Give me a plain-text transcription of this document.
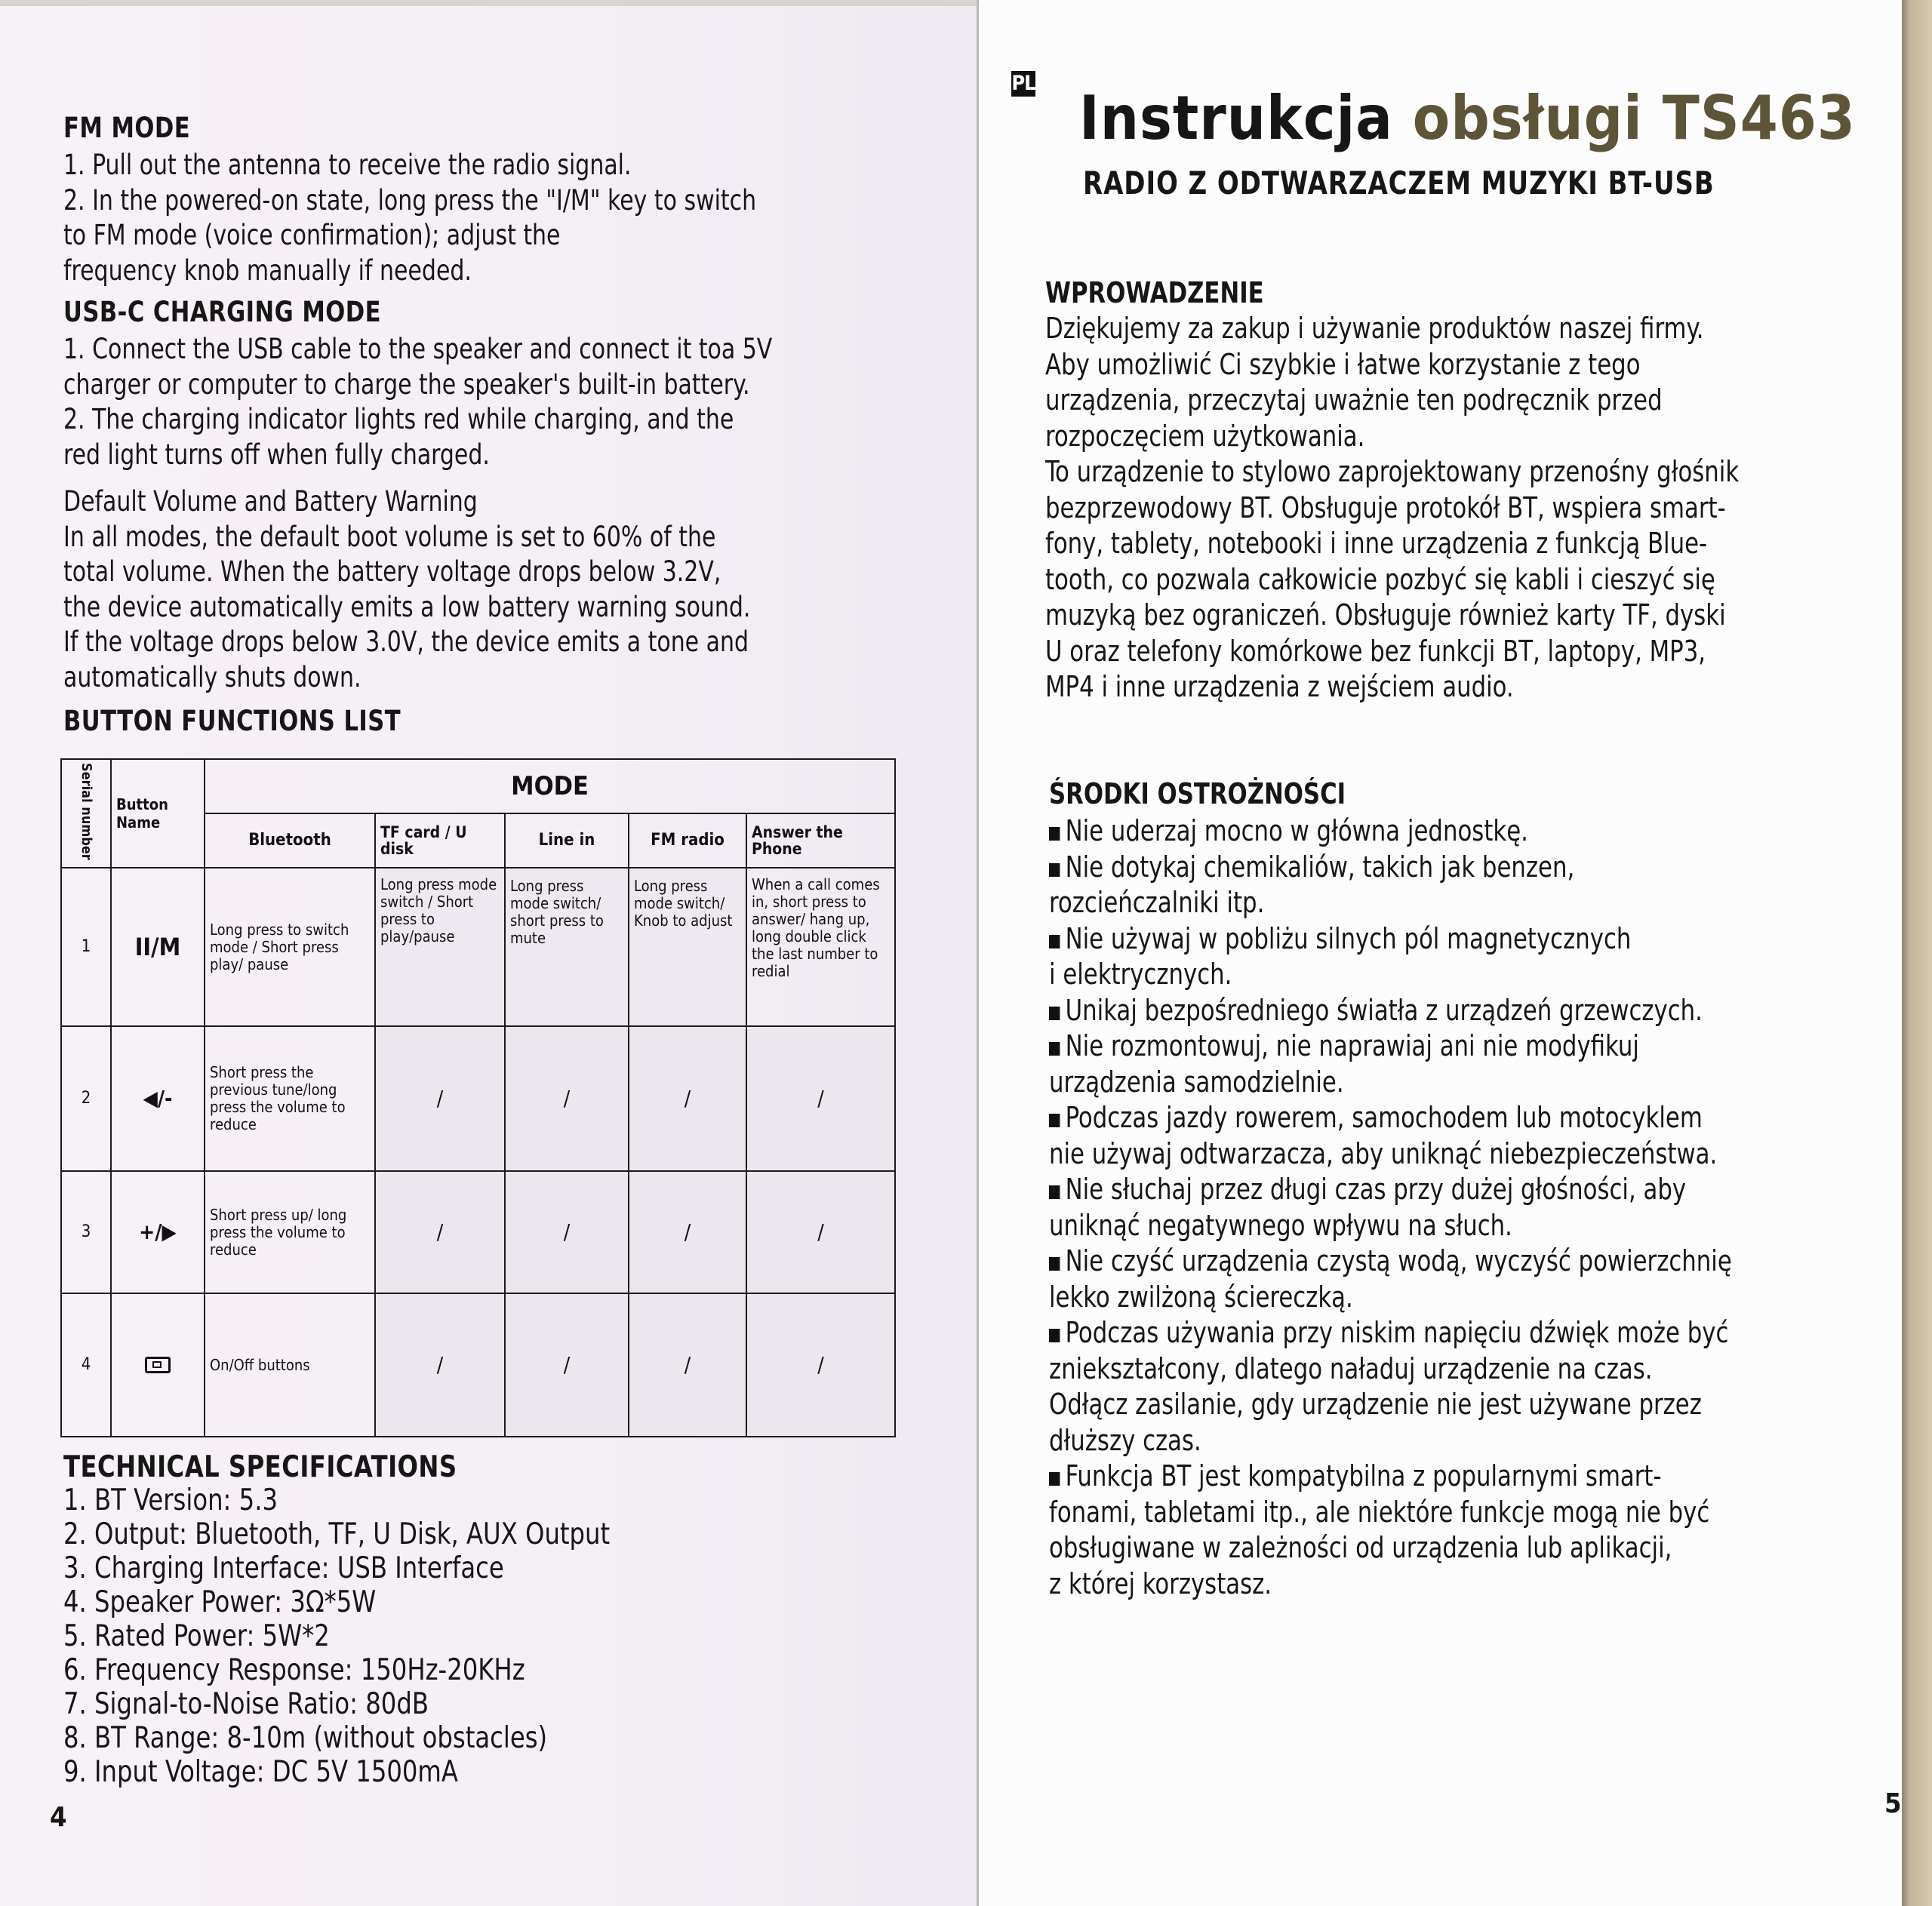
FM MODE
1. Pull out the antenna to receive the radio signal.
2. In the powered-on state, long press the "I/M" key to switch
to FM mode (voice confirmation); adjust the
frequency knob manually if needed.
USB-C CHARGING MODE
1. Connect the USB cable to the speaker and connect it toa 5V
charger or computer to charge the speaker's built-in battery.
2. The charging indicator lights red while charging, and the
red light turns off when fully charged.
Default Volume and Battery Warning
In all modes, the default boot volume is set to 60% of the
total volume. When the battery voltage drops below 3.2V,
the device automatically emits a low battery warning sound.
If the voltage drops below 3.0V, the device emits a tone and
automatically shuts down.
BUTTON FUNCTIONS LIST
Serial number	Button Name	MODE				
		Bluetooth	TF card / U disk	Line in	FM radio	Answer the Phone
1	II/M	Long press to switch mode / Short press play/ pause	Long press mode switch / Short press to play/pause	Long press mode switch/ short press to mute	Long press mode switch/ Knob to adjust	When a call comes in, short press to answer/ hang up, long double click the last number to redial
2	◀/-	Short press the previous tune/long press the volume to reduce	/	/	/	/
3	+/▶	Short press up/ long press the volume to reduce	/	/	/	/
4		On/Off buttons	/	/	/	/
TECHNICAL SPECIFICATIONS
1. BT Version: 5.3
2. Output: Bluetooth, TF, U Disk, AUX Output
3. Charging Interface: USB Interface
4. Speaker Power: 3Ω*5W
5. Rated Power: 5W*2
6. Frequency Response: 150Hz-20KHz
7. Signal-to-Noise Ratio: 80dB
8. BT Range: 8-10m (without obstacles)
9. Input Voltage: DC 5V 1500mA
4
PL Instrukcja obsługi TS463
RADIO Z ODTWARZACZEM MUZYKI BT-USB
WPROWADZENIE
Dziękujemy za zakup i używanie produktów naszej firmy.
Aby umożliwić Ci szybkie i łatwe korzystanie z tego
urządzenia, przeczytaj uważnie ten podręcznik przed
rozpoczęciem użytkowania.
To urządzenie to stylowo zaprojektowany przenośny głośnik
bezprzewodowy BT. Obsługuje protokół BT, wspiera smart-
fony, tablety, notebooki i inne urządzenia z funkcją Blue-
tooth, co pozwala całkowicie pozbyć się kabli i cieszyć się
muzyką bez ograniczeń. Obsługuje również karty TF, dyski
U oraz telefony komórkowe bez funkcji BT, laptopy, MP3,
MP4 i inne urządzenia z wejściem audio.
ŚRODKI OSTROŻNOŚCI
Nie uderzaj mocno w główna jednostkę.
Nie dotykaj chemikaliów, takich jak benzen,
rozcieńczalniki itp.
Nie używaj w pobliżu silnych pól magnetycznych
i elektrycznych.
Unikaj bezpośredniego światła z urządzeń grzewczych.
Nie rozmontowuj, nie naprawiaj ani nie modyfikuj
urządzenia samodzielnie.
Podczas jazdy rowerem, samochodem lub motocyklem
nie używaj odtwarzacza, aby uniknąć niebezpieczeństwa.
Nie słuchaj przez długi czas przy dużej głośności, aby
uniknąć negatywnego wpływu na słuch.
Nie czyść urządzenia czystą wodą, wyczyść powierzchnię
lekko zwilżoną ściereczką.
Podczas używania przy niskim napięciu dźwięk może być
zniekształcony, dlatego naładuj urządzenie na czas.
Odłącz zasilanie, gdy urządzenie nie jest używane przez
dłuższy czas.
Funkcja BT jest kompatybilna z popularnymi smart-
fonami, tabletami itp., ale niektóre funkcje mogą nie być
obsługiwane w zależności od urządzenia lub aplikacji,
z której korzystasz.
5
